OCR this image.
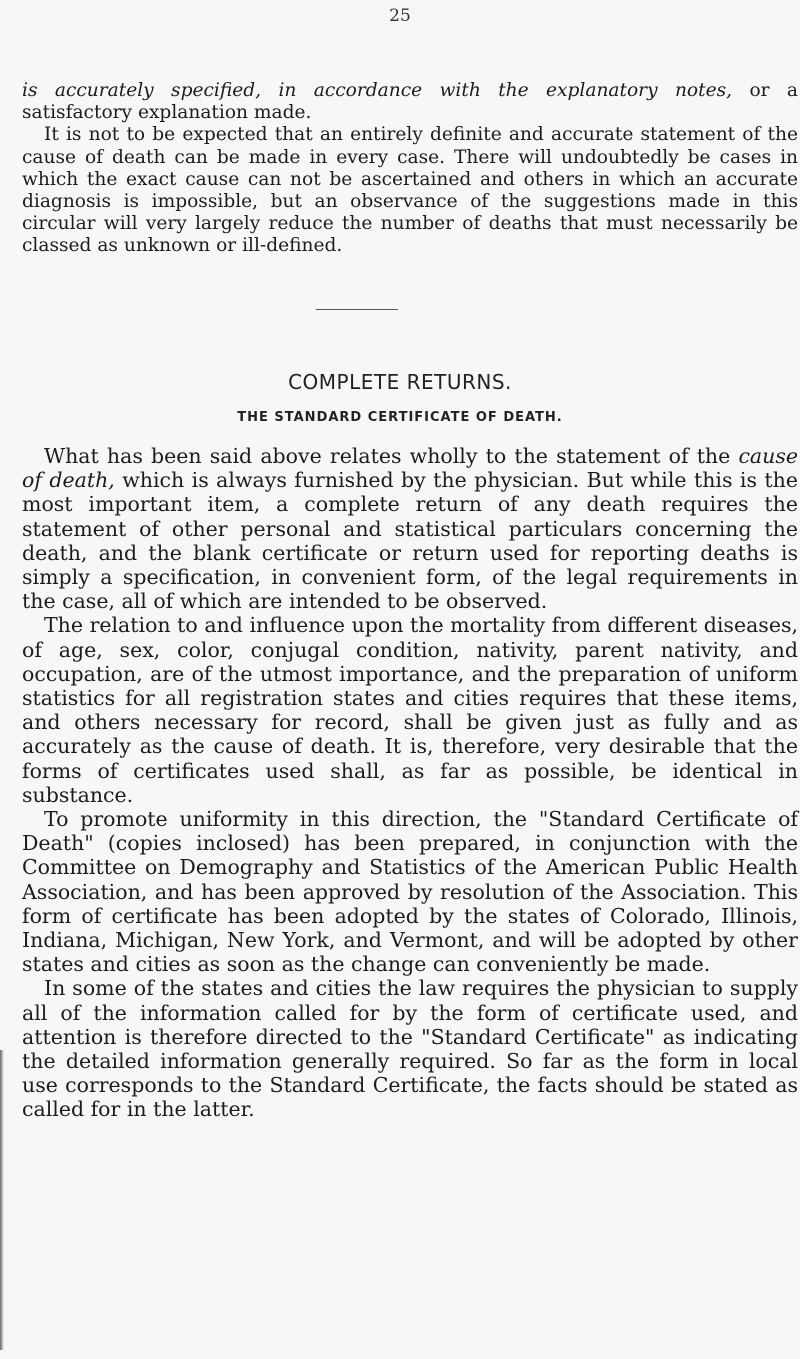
25

is accurately specified, in accordance with the explanatory notes, or a satisfactory explanation made.

It is not to be expected that an entirely definite and accurate statement of the cause of death can be made in every case. There will undoubtedly be cases in which the exact cause can not be ascertained and others in which an accurate diagnosis is impossible, but an observance of the suggestions made in this circular will very largely reduce the number of deaths that must necessarily be classed as unknown or ill-defined.

COMPLETE RETURNS.
THE STANDARD CERTIFICATE OF DEATH.

What has been said above relates wholly to the statement of the cause of death, which is always furnished by the physician. But while this is the most important item, a complete return of any death requires the statement of other personal and statistical particulars concerning the death, and the blank certificate or return used for reporting deaths is simply a specification, in convenient form, of the legal requirements in the case, all of which are intended to be observed.

The relation to and influence upon the mortality from different diseases, of age, sex, color, conjugal condition, nativity, parent nativity, and occupation, are of the utmost importance, and the preparation of uniform statistics for all registration states and cities requires that these items, and others necessary for record, shall be given just as fully and as accurately as the cause of death. It is, therefore, very desirable that the forms of certificates used shall, as far as possible, be identical in substance.

To promote uniformity in this direction, the "Standard Certificate of Death" (copies inclosed) has been prepared, in conjunction with the Committee on Demography and Statistics of the American Public Health Association, and has been approved by resolution of the Association. This form of certificate has been adopted by the states of Colorado, Illinois, Indiana, Michigan, New York, and Vermont, and will be adopted by other states and cities as soon as the change can conveniently be made.

In some of the states and cities the law requires the physician to supply all of the information called for by the form of certificate used, and attention is therefore directed to the "Standard Certificate" as indicating the detailed information generally required. So far as the form in local use corresponds to the Standard Certificate, the facts should be stated as called for in the latter.
